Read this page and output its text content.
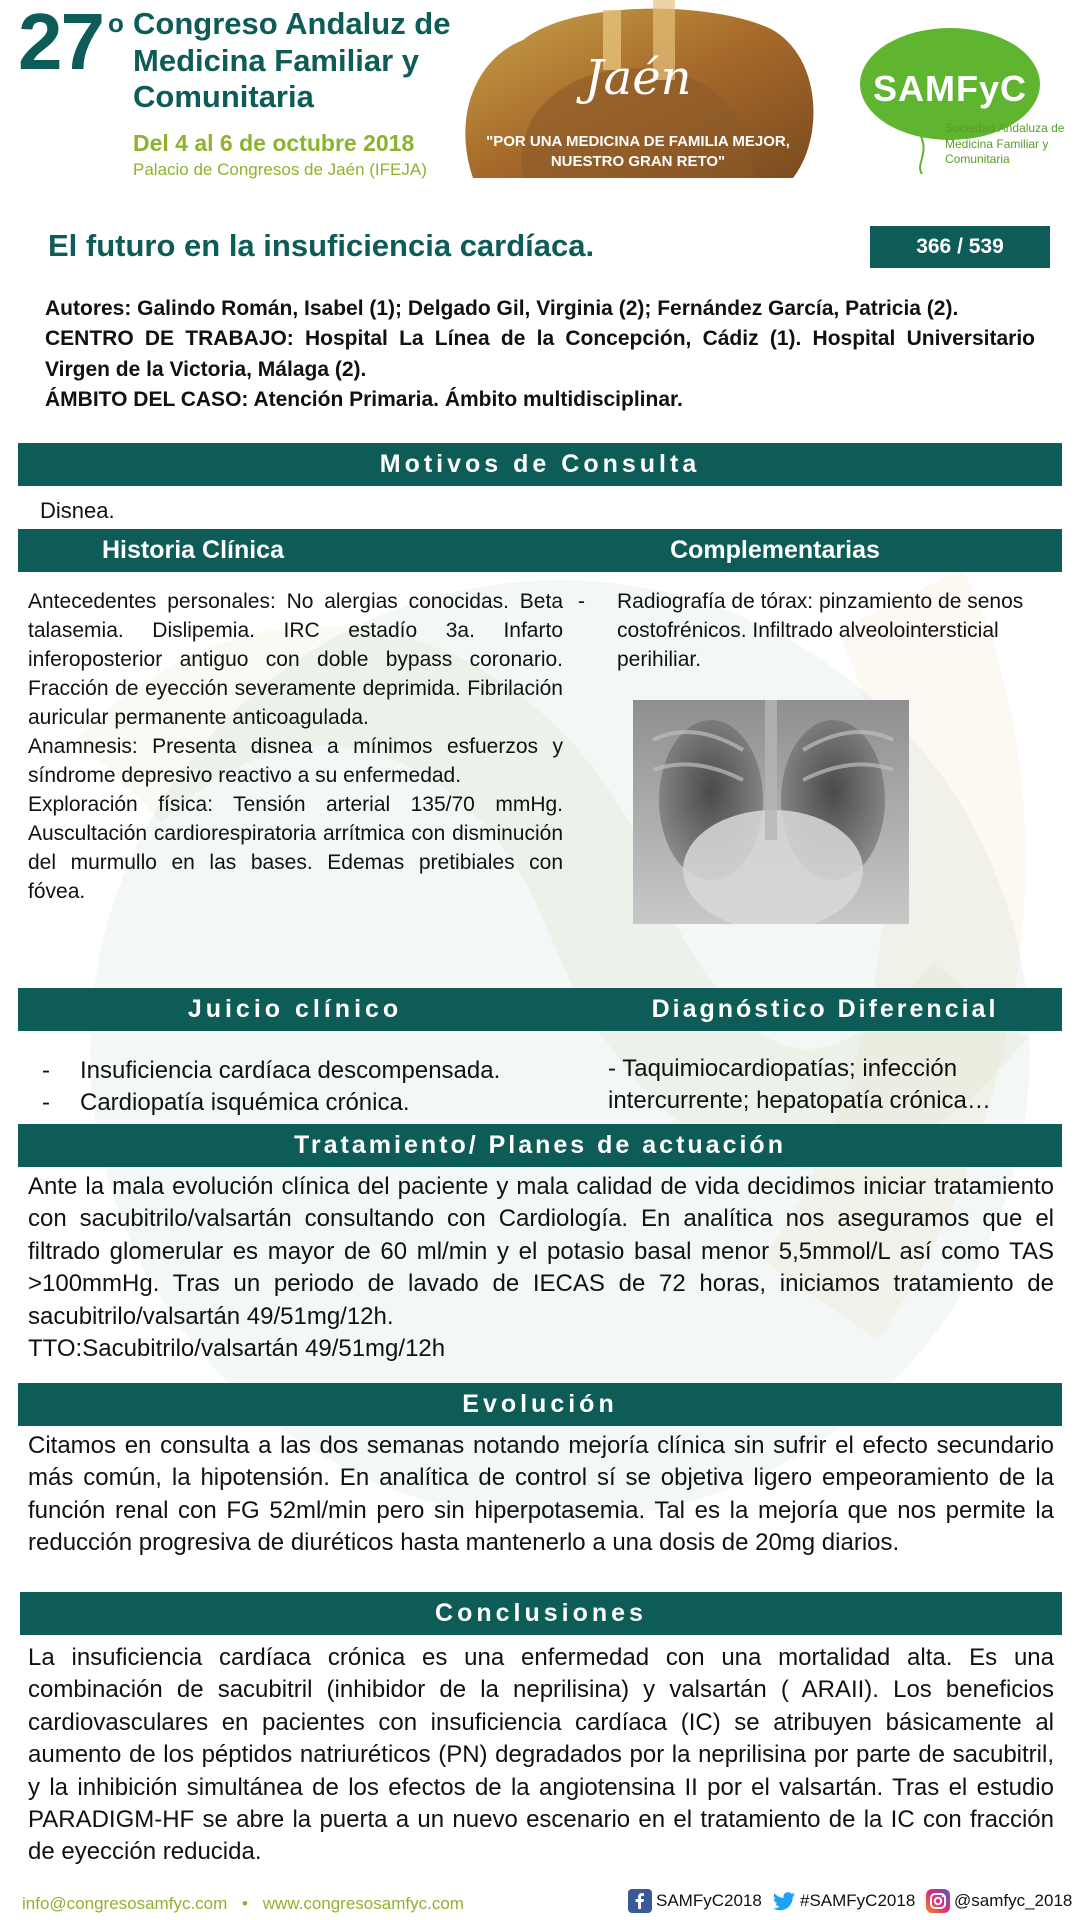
27 o Congreso Andaluz de Medicina Familiar y Comunitaria
Del 4 al 6 de octubre 2018
Palacio de Congresos de Jaén (IFEJA)
Jaén
"POR UNA MEDICINA DE FAMILIA MEJOR, NUESTRO GRAN RETO"
SAMFyC
Sociedad Andaluza de Medicina Familiar y Comunitaria
El futuro en la insuficiencia cardíaca.	366 / 539

Autores: Galindo Román, Isabel (1); Delgado Gil, Virginia (2); Fernández García, Patricia (2).

CENTRO DE TRABAJO: Hospital La Línea de la Concepción, Cádiz (1). Hospital Universitario Virgen de la Victoria, Málaga (2).

ÁMBITO DEL CASO: Atención Primaria. Ámbito multidisciplinar.

Motivos de Consulta
Disnea.
Historia Clínica	Complementarias

Antecedentes personales: No alergias conocidas. Beta talasemia. Dislipemia. IRC estadío 3a. Infarto inferoposterior antiguo con doble bypass coronario. Fracción de eyección severamente deprimida. Fibrilación auricular permanente anticoagulada.

Anamnesis: Presenta disnea a mínimos esfuerzos y síndrome depresivo reactivo a su enfermedad.

Exploración física: Tensión arterial 135/70 mmHg. Auscultación cardiorespiratoria arrítmica con disminución del murmullo en las bases. Edemas pretibiales con fóvea.

- Radiografía de tórax: pinzamiento de senos costofrénicos. Infiltrado alveolointersticial perihiliar.
Juicio clínico	Diagnóstico Diferencial
- Insuficiencia cardíaca descompensada.
- Cardiopatía isquémica crónica.
- Taquimiocardiopatías; infección intercurrente; hepatopatía crónica…
Tratamiento/ Planes de actuación

Ante la mala evolución clínica del paciente y mala calidad de vida decidimos iniciar tratamiento con sacubitrilo/valsartán consultando con Cardiología. En analítica nos aseguramos que el filtrado glomerular es mayor de 60 ml/min y el potasio basal menor 5,5mmol/L así como TAS >100mmHg. Tras un periodo de lavado de IECAS de 72 horas, iniciamos tratamiento de sacubitrilo/valsartán 49/51mg/12h.

TTO:Sacubitrilo/valsartán 49/51mg/12h

Evolución
Citamos en consulta a las dos semanas notando mejoría clínica sin sufrir el efecto secundario más común, la hipotensión. En analítica de control sí se objetiva ligero empeoramiento de la función renal con FG 52ml/min pero sin hiperpotasemia. Tal es la mejoría que nos permite la reducción progresiva de diuréticos hasta mantenerlo a una dosis de 20mg diarios.
Conclusiones
La insuficiencia cardíaca crónica es una enfermedad con una mortalidad alta. Es una combinación de sacubitril (inhibidor de la neprilisina) y valsartán ( ARAII). Los beneficios cardiovasculares en pacientes con insuficiencia cardíaca (IC) se atribuyen básicamente al aumento de los péptidos natriuréticos (PN) degradados por la neprilisina por parte de sacubitril, y la inhibición simultánea de los efectos de la angiotensina II por el valsartán. Tras el estudio PARADIGM-HF se abre la puerta a un nuevo escenario en el tratamiento de la IC con fracción de eyección reducida.
info@congresosamfyc.com • www.congresosamfyc.com	SAMFyC2018 #SAMFyC2018 @samfyc_2018
